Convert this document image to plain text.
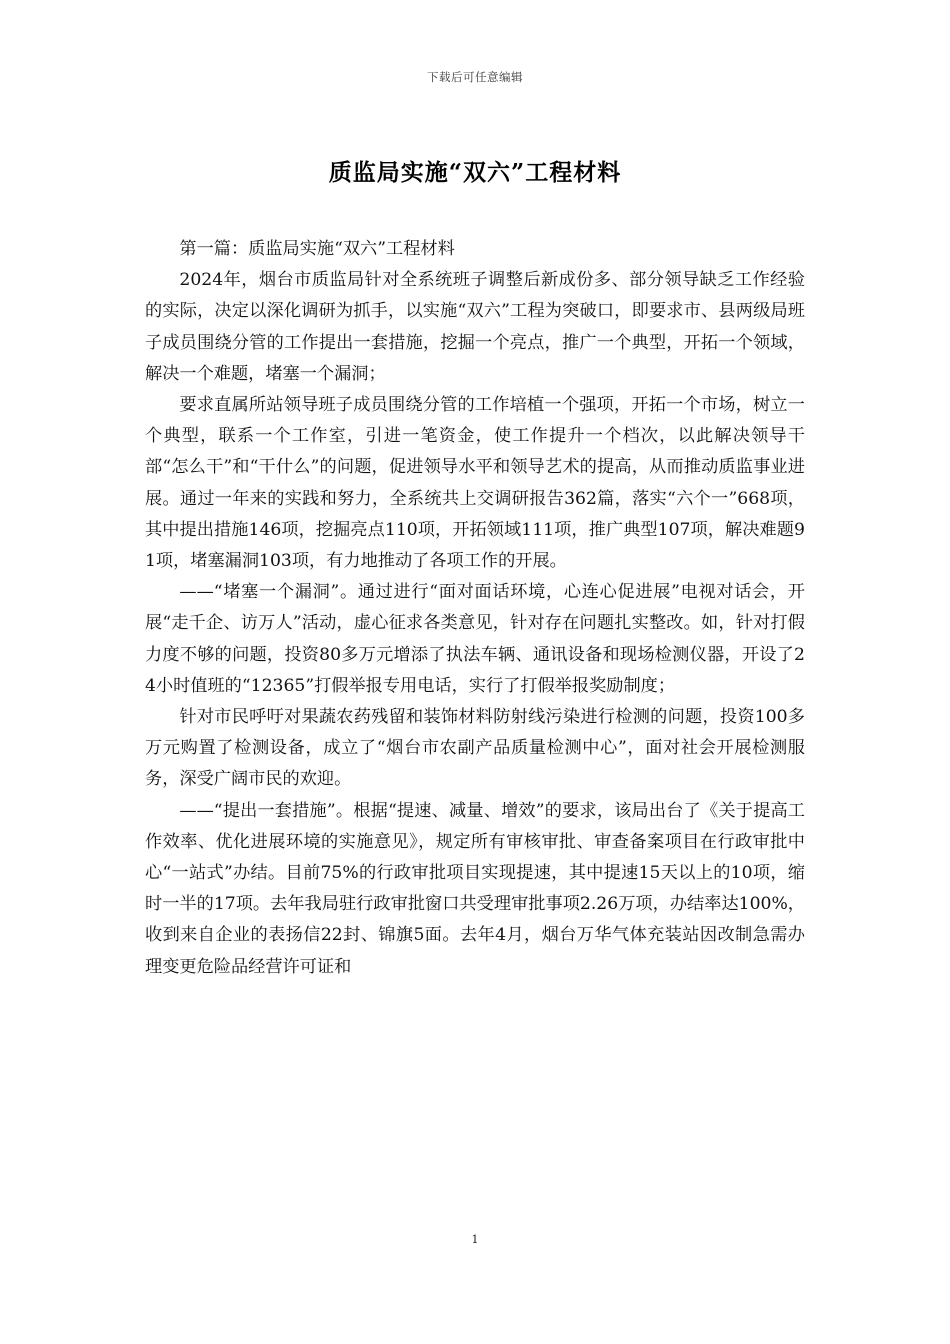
下载后可任意编辑
质监局实施“双六”工程材料

第一篇：质监局实施“双六”工程材料

2024年，烟台市质监局针对全系统班子调整后新成份多、部分领导缺乏工作经验的实际，决定以深化调研为抓手，以实施“双六”工程为突破口，即要求市、县两级局班子成员围绕分管的工作提出一套措施，挖掘一个亮点，推广一个典型，开拓一个领域，解决一个难题，堵塞一个漏洞；

要求直属所站领导班子成员围绕分管的工作培植一个强项，开拓一个市场，树立一个典型，联系一个工作室，引进一笔资金，使工作提升一个档次，以此解决领导干部“怎么干”和“干什么”的问题，促进领导水平和领导艺术的提高，从而推动质监事业进展。通过一年来的实践和努力，全系统共上交调研报告362篇，落实“六个一”668项，其中提出措施146项，挖掘亮点110项，开拓领域111项，推广典型107项，解决难题91项，堵塞漏洞103项，有力地推动了各项工作的开展。

——“堵塞一个漏洞”。通过进行“面对面话环境，心连心促进展”电视对话会，开展“走千企、访万人”活动，虚心征求各类意见，针对存在问题扎实整改。如，针对打假力度不够的问题，投资80多万元增添了执法车辆、通讯设备和现场检测仪器，开设了24小时值班的“12365”打假举报专用电话，实行了打假举报奖励制度；

针对市民呼吁对果蔬农药残留和装饰材料防射线污染进行检测的问题，投资100多万元购置了检测设备，成立了“烟台市农副产品质量检测中心”，面对社会开展检测服务，深受广阔市民的欢迎。

——“提出一套措施”。根据“提速、减量、增效”的要求，该局出台了《关于提高工作效率、优化进展环境的实施意见》，规定所有审核审批、审查备案项目在行政审批中心“一站式”办结。目前75%的行政审批项目实现提速，其中提速15天以上的10项，缩时一半的17项。去年我局驻行政审批窗口共受理审批事项2.26万项，办结率达100%，收到来自企业的表扬信22封、锦旗5面。去年4月，烟台万华气体充装站因改制急需办理变更危险品经营许可证和

1
